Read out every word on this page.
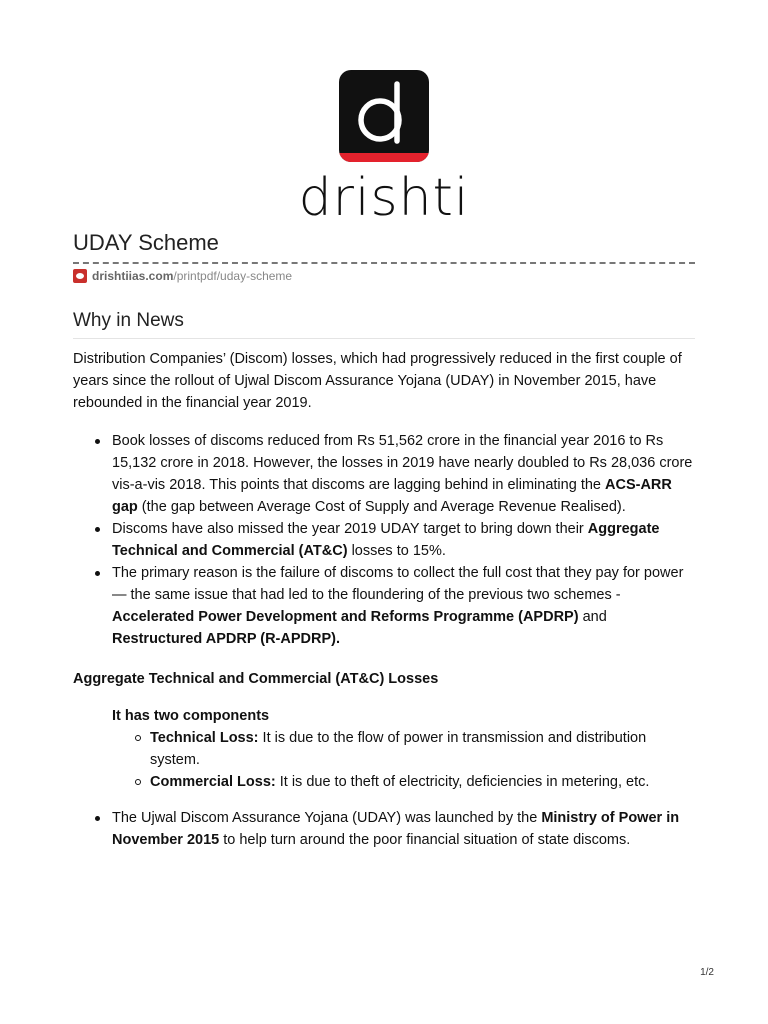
drishti
UDAY Scheme
drishtiias.com /printpdf/uday-scheme
Why in News

Distribution Companies’ (Discom) losses, which had progressively reduced in the first couple of years since the rollout of Ujwal Discom Assurance Yojana (UDAY) in November 2015, have rebounded in the financial year 2019.

Book losses of discoms reduced from Rs 51,562 crore in the financial year 2016 to Rs 15,132 crore in 2018. However, the losses in 2019 have nearly doubled to Rs 28,036 crore vis-a-vis 2018. This points that discoms are lagging behind in eliminating the ACS-ARR gap (the gap between Average Cost of Supply and Average Revenue Realised).
Discoms have also missed the year 2019 UDAY target to bring down their Aggregate Technical and Commercial (AT&C) losses to 15%.
The primary reason is the failure of discoms to collect the full cost that they pay for power — the same issue that had led to the floundering of the previous two schemes - Accelerated Power Development and Reforms Programme (APDRP) and Restructured APDRP (R-APDRP).
Aggregate Technical and Commercial (AT&C) Losses
It has two components
Technical Loss: It is due to the flow of power in transmission and distribution system.
Commercial Loss: It is due to theft of electricity, deficiencies in metering, etc.
The Ujwal Discom Assurance Yojana (UDAY) was launched by the Ministry of Power in November 2015 to help turn around the poor financial situation of state discoms.
1/2
